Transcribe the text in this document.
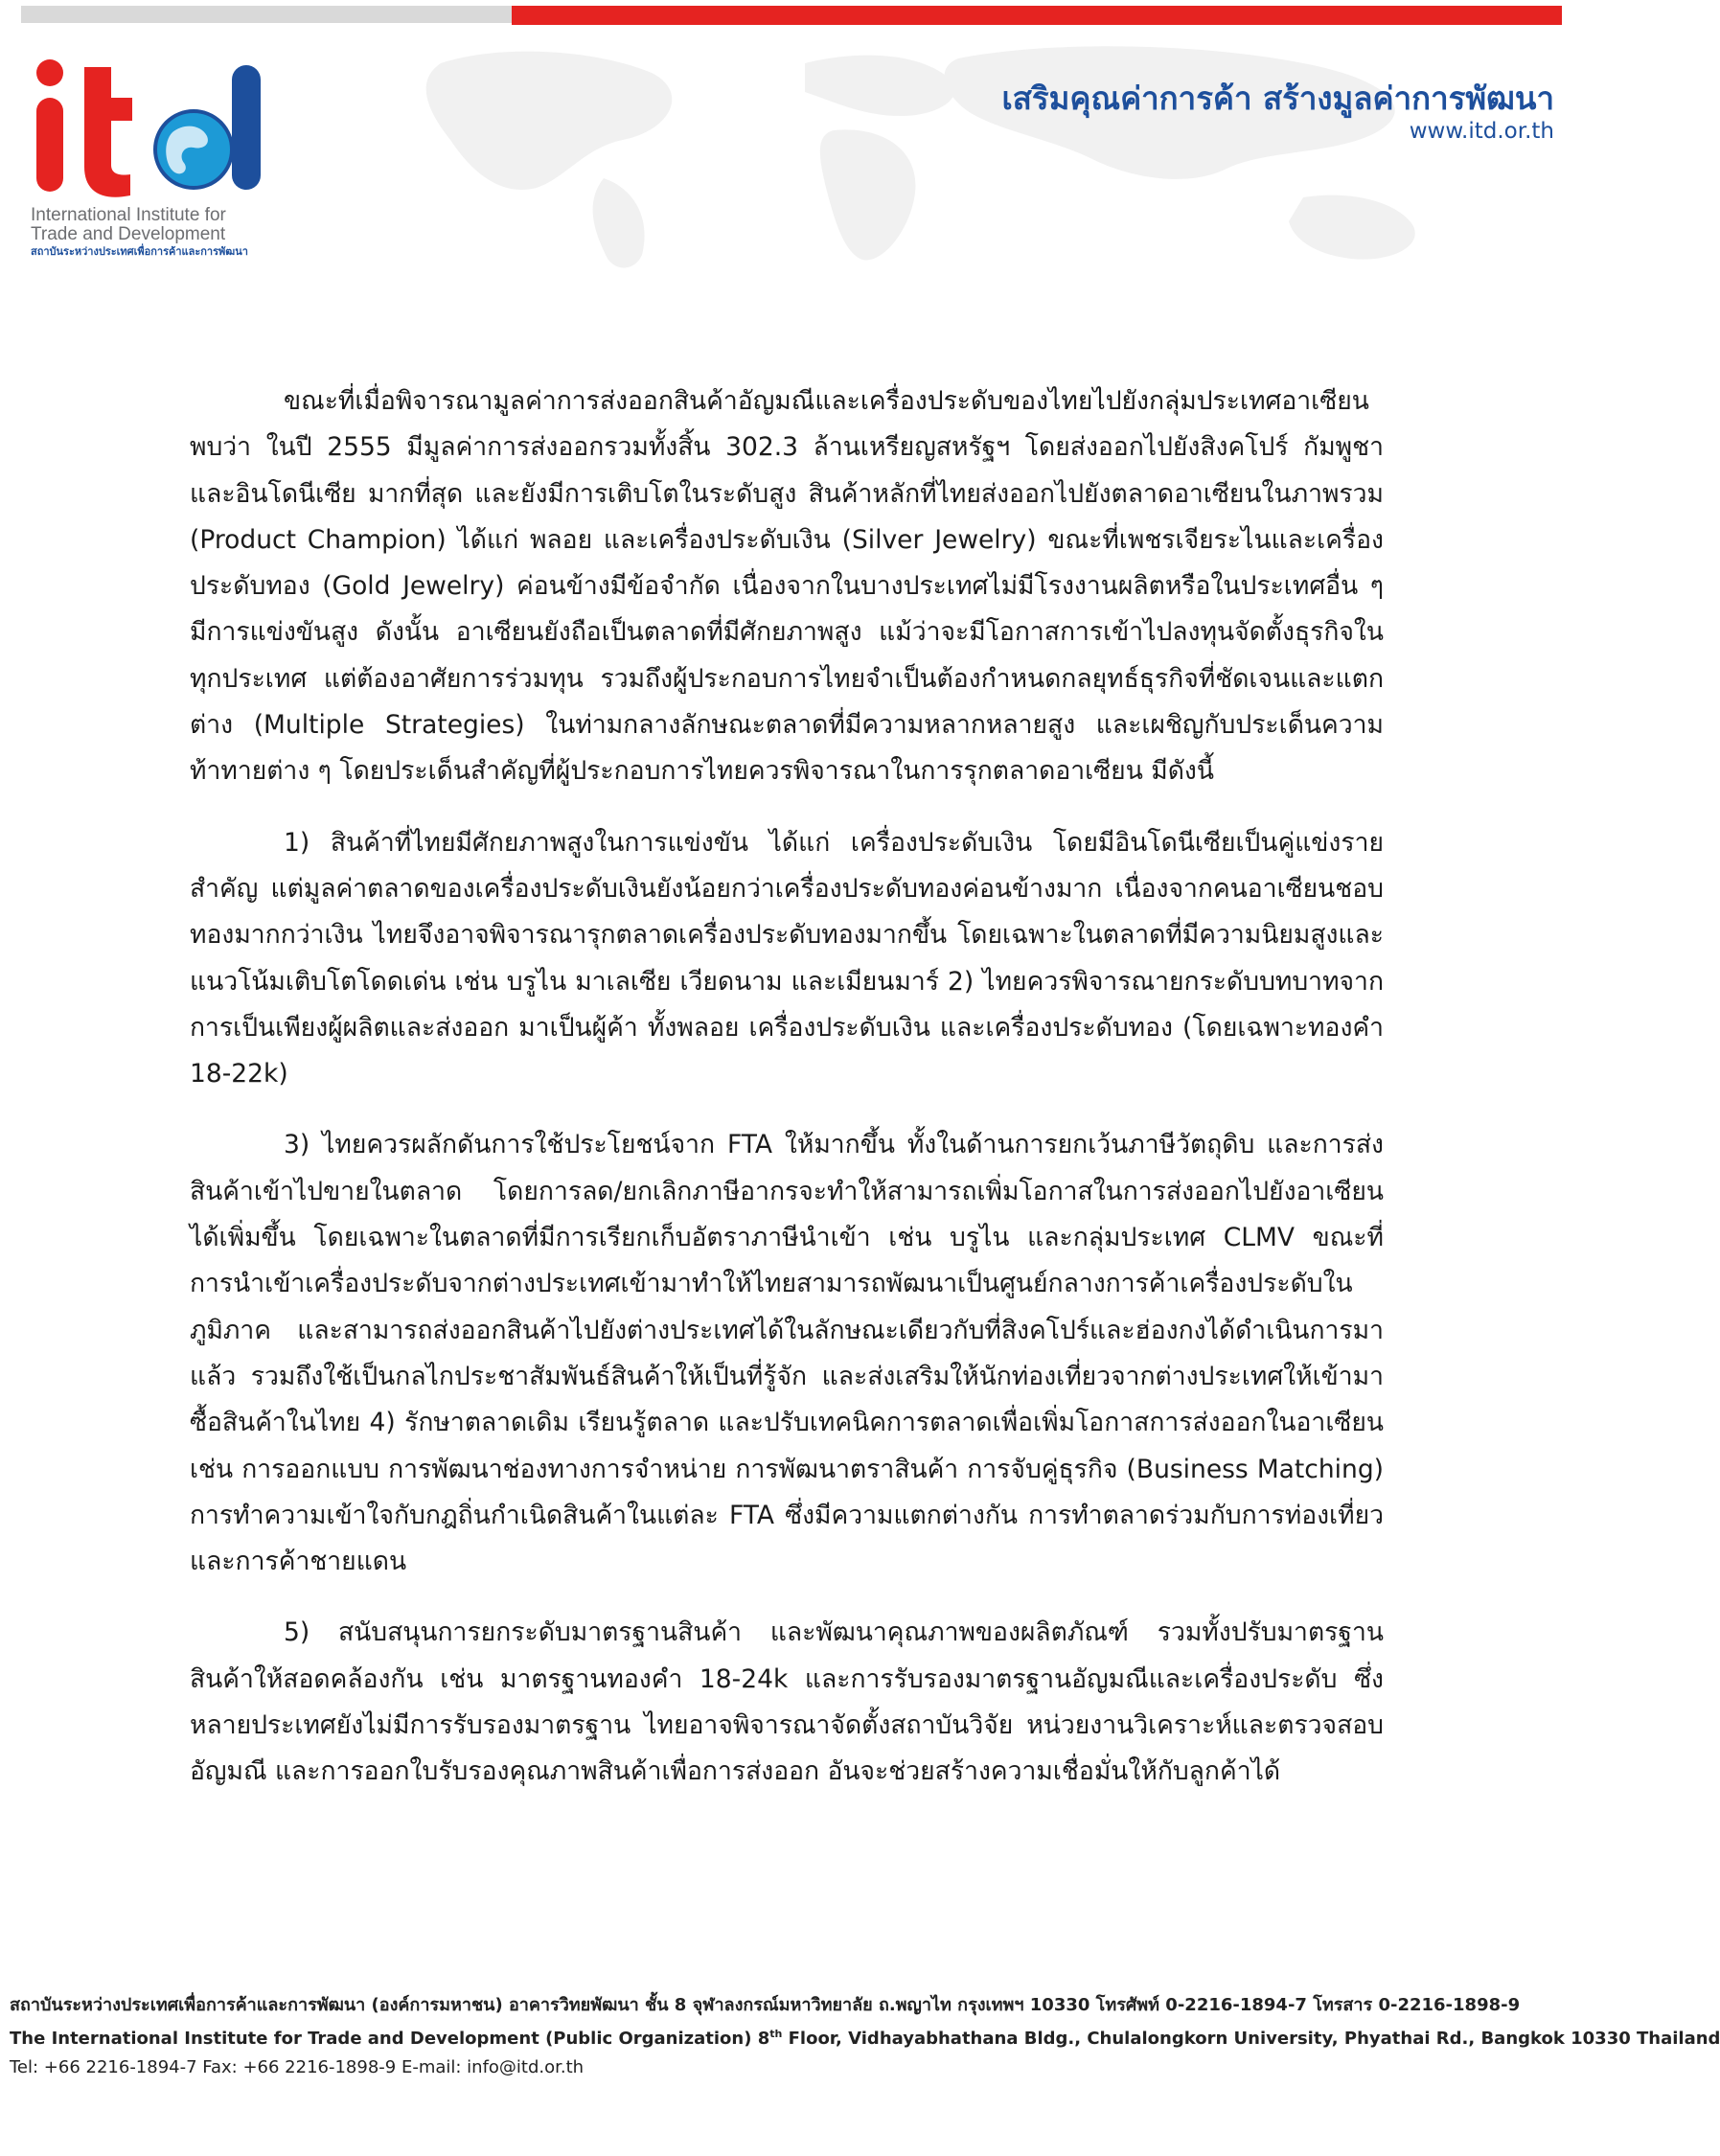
International Institute for
Trade and Development
สถาบันระหว่างประเทศเพื่อการค้าและการพัฒนา
เสริมคุณค่าการค้า สร้างมูลค่าการพัฒนา
www.itd.or.th

ขณะที่เมื่อพิจารณามูลค่าการส่งออกสินค้าอัญมณีและเครื่องประดับของไทยไปยังกลุ่มประเทศอาเซียนพบว่า ในปี 2555 มีมูลค่าการส่งออกรวมทั้งสิ้น 302.3 ล้านเหรียญสหรัฐฯ โดยส่งออกไปยังสิงคโปร์ กัมพูชา และอินโดนีเซีย มากที่สุด และยังมีการเติบโตในระดับสูง สินค้าหลักที่ไทยส่งออกไปยังตลาดอาเซียนในภาพรวม (Product Champion) ได้แก่ พลอย และเครื่องประดับเงิน (Silver Jewelry) ขณะที่เพชรเจียระไนและเครื่องประดับทอง (Gold Jewelry) ค่อนข้างมีข้อจำกัด เนื่องจากในบางประเทศไม่มีโรงงานผลิตหรือในประเทศอื่น ๆ มีการแข่งขันสูง ดังนั้น อาเซียนยังถือเป็นตลาดที่มีศักยภาพสูง แม้ว่าจะมีโอกาสการเข้าไปลงทุนจัดตั้งธุรกิจในทุกประเทศ แต่ต้องอาศัยการร่วมทุน รวมถึงผู้ประกอบการไทยจำเป็นต้องกำหนดกลยุทธ์ธุรกิจที่ชัดเจนและแตกต่าง (Multiple Strategies) ในท่ามกลางลักษณะตลาดที่มีความหลากหลายสูง และเผชิญกับประเด็นความท้าทายต่าง ๆ โดยประเด็นสำคัญที่ผู้ประกอบการไทยควรพิจารณาในการรุกตลาดอาเซียน มีดังนี้

1) สินค้าที่ไทยมีศักยภาพสูงในการแข่งขัน ได้แก่ เครื่องประดับเงิน โดยมีอินโดนีเซียเป็นคู่แข่งรายสำคัญ แต่มูลค่าตลาดของเครื่องประดับเงินยังน้อยกว่าเครื่องประดับทองค่อนข้างมาก เนื่องจากคนอาเซียนชอบทองมากกว่าเงิน ไทยจึงอาจพิจารณารุกตลาดเครื่องประดับทองมากขึ้น โดยเฉพาะในตลาดที่มีความนิยมสูงและแนวโน้มเติบโตโดดเด่น เช่น บรูไน มาเลเซีย เวียดนาม และเมียนมาร์ 2) ไทยควรพิจารณายกระดับบทบาทจากการเป็นเพียงผู้ผลิตและส่งออก มาเป็นผู้ค้า ทั้งพลอย เครื่องประดับเงิน และเครื่องประดับทอง (โดยเฉพาะทองคำ 18-22k)

3) ไทยควรผลักดันการใช้ประโยชน์จาก FTA ให้มากขึ้น ทั้งในด้านการยกเว้นภาษีวัตถุดิบ และการส่งสินค้าเข้าไปขายในตลาด โดยการลด/ยกเลิกภาษีอากรจะทำให้สามารถเพิ่มโอกาสในการส่งออกไปยังอาเซียนได้เพิ่มขึ้น โดยเฉพาะในตลาดที่มีการเรียกเก็บอัตราภาษีนำเข้า เช่น บรูไน และกลุ่มประเทศ CLMV ขณะที่การนำเข้าเครื่องประดับจากต่างประเทศเข้ามาทำให้ไทยสามารถพัฒนาเป็นศูนย์กลางการค้าเครื่องประดับในภูมิภาค และสามารถส่งออกสินค้าไปยังต่างประเทศได้ในลักษณะเดียวกับที่สิงคโปร์และฮ่องกงได้ดำเนินการมาแล้ว รวมถึงใช้เป็นกลไกประชาสัมพันธ์สินค้าให้เป็นที่รู้จัก และส่งเสริมให้นักท่องเที่ยวจากต่างประเทศให้เข้ามาซื้อสินค้าในไทย 4) รักษาตลาดเดิม เรียนรู้ตลาด และปรับเทคนิคการตลาดเพื่อเพิ่มโอกาสการส่งออกในอาเซียน เช่น การออกแบบ การพัฒนาช่องทางการจำหน่าย การพัฒนาตราสินค้า การจับคู่ธุรกิจ (Business Matching) การทำความเข้าใจกับกฎถิ่นกำเนิดสินค้าในแต่ละ FTA ซึ่งมีความแตกต่างกัน การทำตลาดร่วมกับการท่องเที่ยว และการค้าชายแดน

5) สนับสนุนการยกระดับมาตรฐานสินค้า และพัฒนาคุณภาพของผลิตภัณฑ์ รวมทั้งปรับมาตรฐานสินค้าให้สอดคล้องกัน เช่น มาตรฐานทองคำ 18-24k และการรับรองมาตรฐานอัญมณีและเครื่องประดับ ซึ่งหลายประเทศยังไม่มีการรับรองมาตรฐาน ไทยอาจพิจารณาจัดตั้งสถาบันวิจัย หน่วยงานวิเคราะห์และตรวจสอบอัญมณี และการออกใบรับรองคุณภาพสินค้าเพื่อการส่งออก อันจะช่วยสร้างความเชื่อมั่นให้กับลูกค้าได้

สถาบันระหว่างประเทศเพื่อการค้าและการพัฒนา (องค์การมหาชน) อาคารวิทยพัฒนา ชั้น 8 จุฬาลงกรณ์มหาวิทยาลัย ถ.พญาไท กรุงเทพฯ 10330 โทรศัพท์ 0-2216-1894-7 โทรสาร 0-2216-1898-9
The International Institute for Trade and Development (Public Organization) 8th Floor, Vidhayabhathana Bldg., Chulalongkorn University, Phyathai Rd., Bangkok 10330 Thailand
Tel: +66 2216-1894-7 Fax: +66 2216-1898-9 E-mail: info@itd.or.th
